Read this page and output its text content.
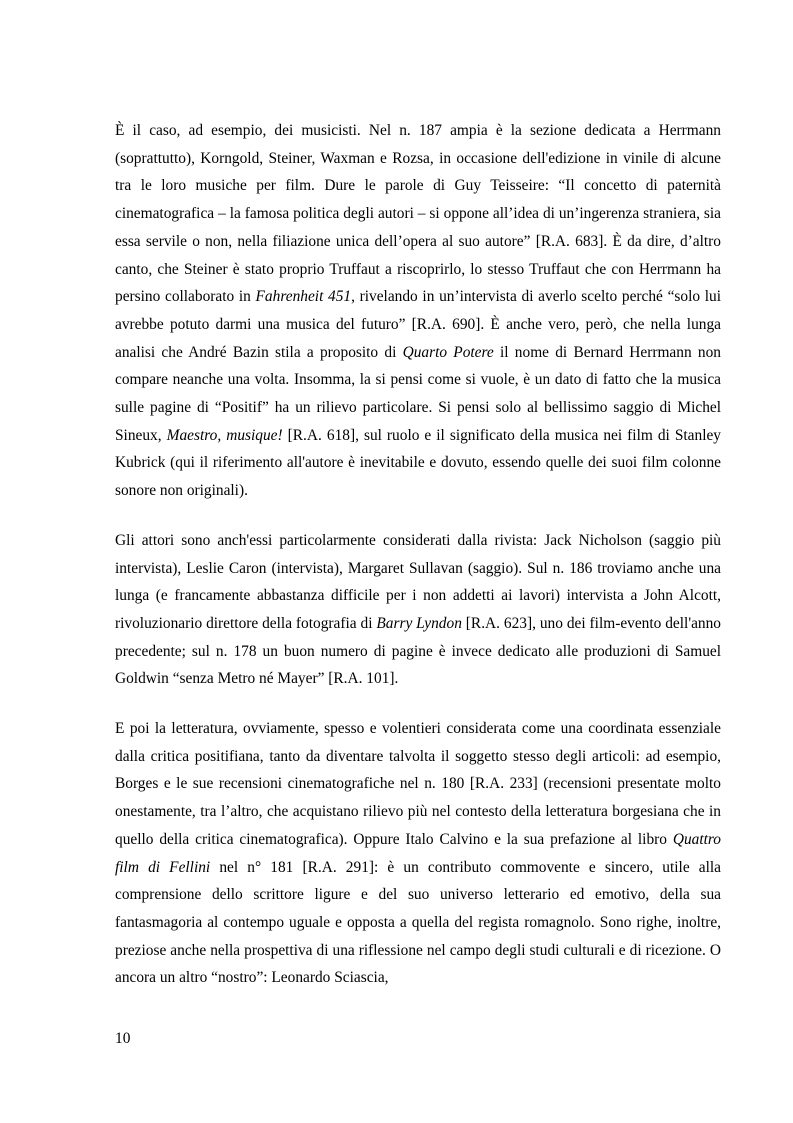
È il caso, ad esempio, dei musicisti. Nel n. 187 ampia è la sezione dedicata a Herrmann (soprattutto), Korngold, Steiner, Waxman e Rozsa, in occasione dell'edizione in vinile di alcune tra le loro musiche per film. Dure le parole di Guy Teisseire: “Il concetto di paternità cinematografica – la famosa politica degli autori – si oppone all’idea di un’ingerenza straniera, sia essa servile o non, nella filiazione unica dell’opera al suo autore” [R.A. 683]. È da dire, d’altro canto, che Steiner è stato proprio Truffaut a riscoprirlo, lo stesso Truffaut che con Herrmann ha persino collaborato in Fahrenheit 451, rivelando in un’intervista di averlo scelto perché “solo lui avrebbe potuto darmi una musica del futuro” [R.A. 690]. È anche vero, però, che nella lunga analisi che André Bazin stila a proposito di Quarto Potere il nome di Bernard Herrmann non compare neanche una volta. Insomma, la si pensi come si vuole, è un dato di fatto che la musica sulle pagine di “Positif” ha un rilievo particolare. Si pensi solo al bellissimo saggio di Michel Sineux, Maestro, musique! [R.A. 618], sul ruolo e il significato della musica nei film di Stanley Kubrick (qui il riferimento all'autore è inevitabile e dovuto, essendo quelle dei suoi film colonne sonore non originali).

Gli attori sono anch'essi particolarmente considerati dalla rivista: Jack Nicholson (saggio più intervista), Leslie Caron (intervista), Margaret Sullavan (saggio). Sul n. 186 troviamo anche una lunga (e francamente abbastanza difficile per i non addetti ai lavori) intervista a John Alcott, rivoluzionario direttore della fotografia di Barry Lyndon [R.A. 623], uno dei film-evento dell'anno precedente; sul n. 178 un buon numero di pagine è invece dedicato alle produzioni di Samuel Goldwin “senza Metro né Mayer” [R.A. 101].

E poi la letteratura, ovviamente, spesso e volentieri considerata come una coordinata essenziale dalla critica positifiana, tanto da diventare talvolta il soggetto stesso degli articoli: ad esempio, Borges e le sue recensioni cinematografiche nel n. 180 [R.A. 233] (recensioni presentate molto onestamente, tra l’altro, che acquistano rilievo più nel contesto della letteratura borgesiana che in quello della critica cinematografica). Oppure Italo Calvino e la sua prefazione al libro Quattro film di Fellini nel n° 181 [R.A. 291]: è un contributo commovente e sincero, utile alla comprensione dello scrittore ligure e del suo universo letterario ed emotivo, della sua fantasmagoria al contempo uguale e opposta a quella del regista romagnolo. Sono righe, inoltre, preziose anche nella prospettiva di una riflessione nel campo degli studi culturali e di ricezione. O ancora un altro “nostro”: Leonardo Sciascia,

10
